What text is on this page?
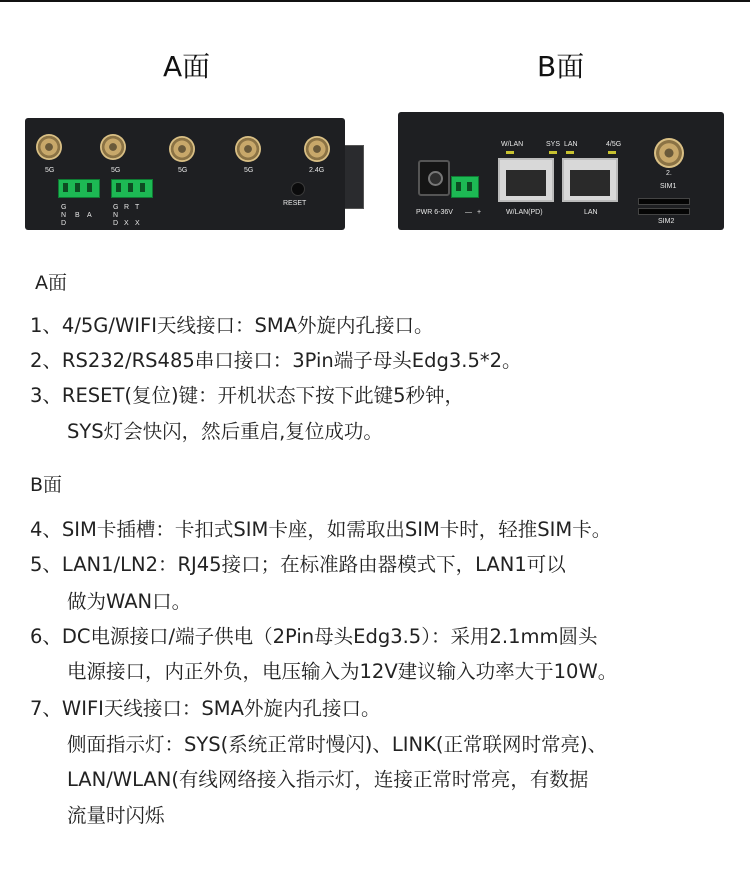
A面	B面
5G	5G	5G	5G	2.4G
G
N
D
B A
G
N
D
R T
X X
RESET
W/LAN	SYS LAN	4/5G
PWR 6-36V — +	W/LAN(PD)	LAN
2.
SIM1
SIM2
A面
1、4/5G/WIFI天线接口：SMA外旋内孔接口。
2、RS232/RS485串口接口：3Pin端子母头Edg3.5*2。
3、RESET(复位)键：开机状态下按下此键5秒钟，
SYS灯会快闪，然后重启,复位成功。
B面
4、SIM卡插槽：卡扣式SIM卡座，如需取出SIM卡时，轻推SIM卡。
5、LAN1/LN2：RJ45接口；在标准路由器模式下，LAN1可以
做为WAN口。
6、DC电源接口/端子供电（2Pin母头Edg3.5）：采用2.1mm圆头
电源接口，内正外负，电压输入为12V建议输入功率大于10W。
7、WIFI天线接口：SMA外旋内孔接口。
侧面指示灯：SYS(系统正常时慢闪)、LINK(正常联网时常亮)、
LAN/WLAN(有线网络接入指示灯，连接正常时常亮，有数据
流量时闪烁
